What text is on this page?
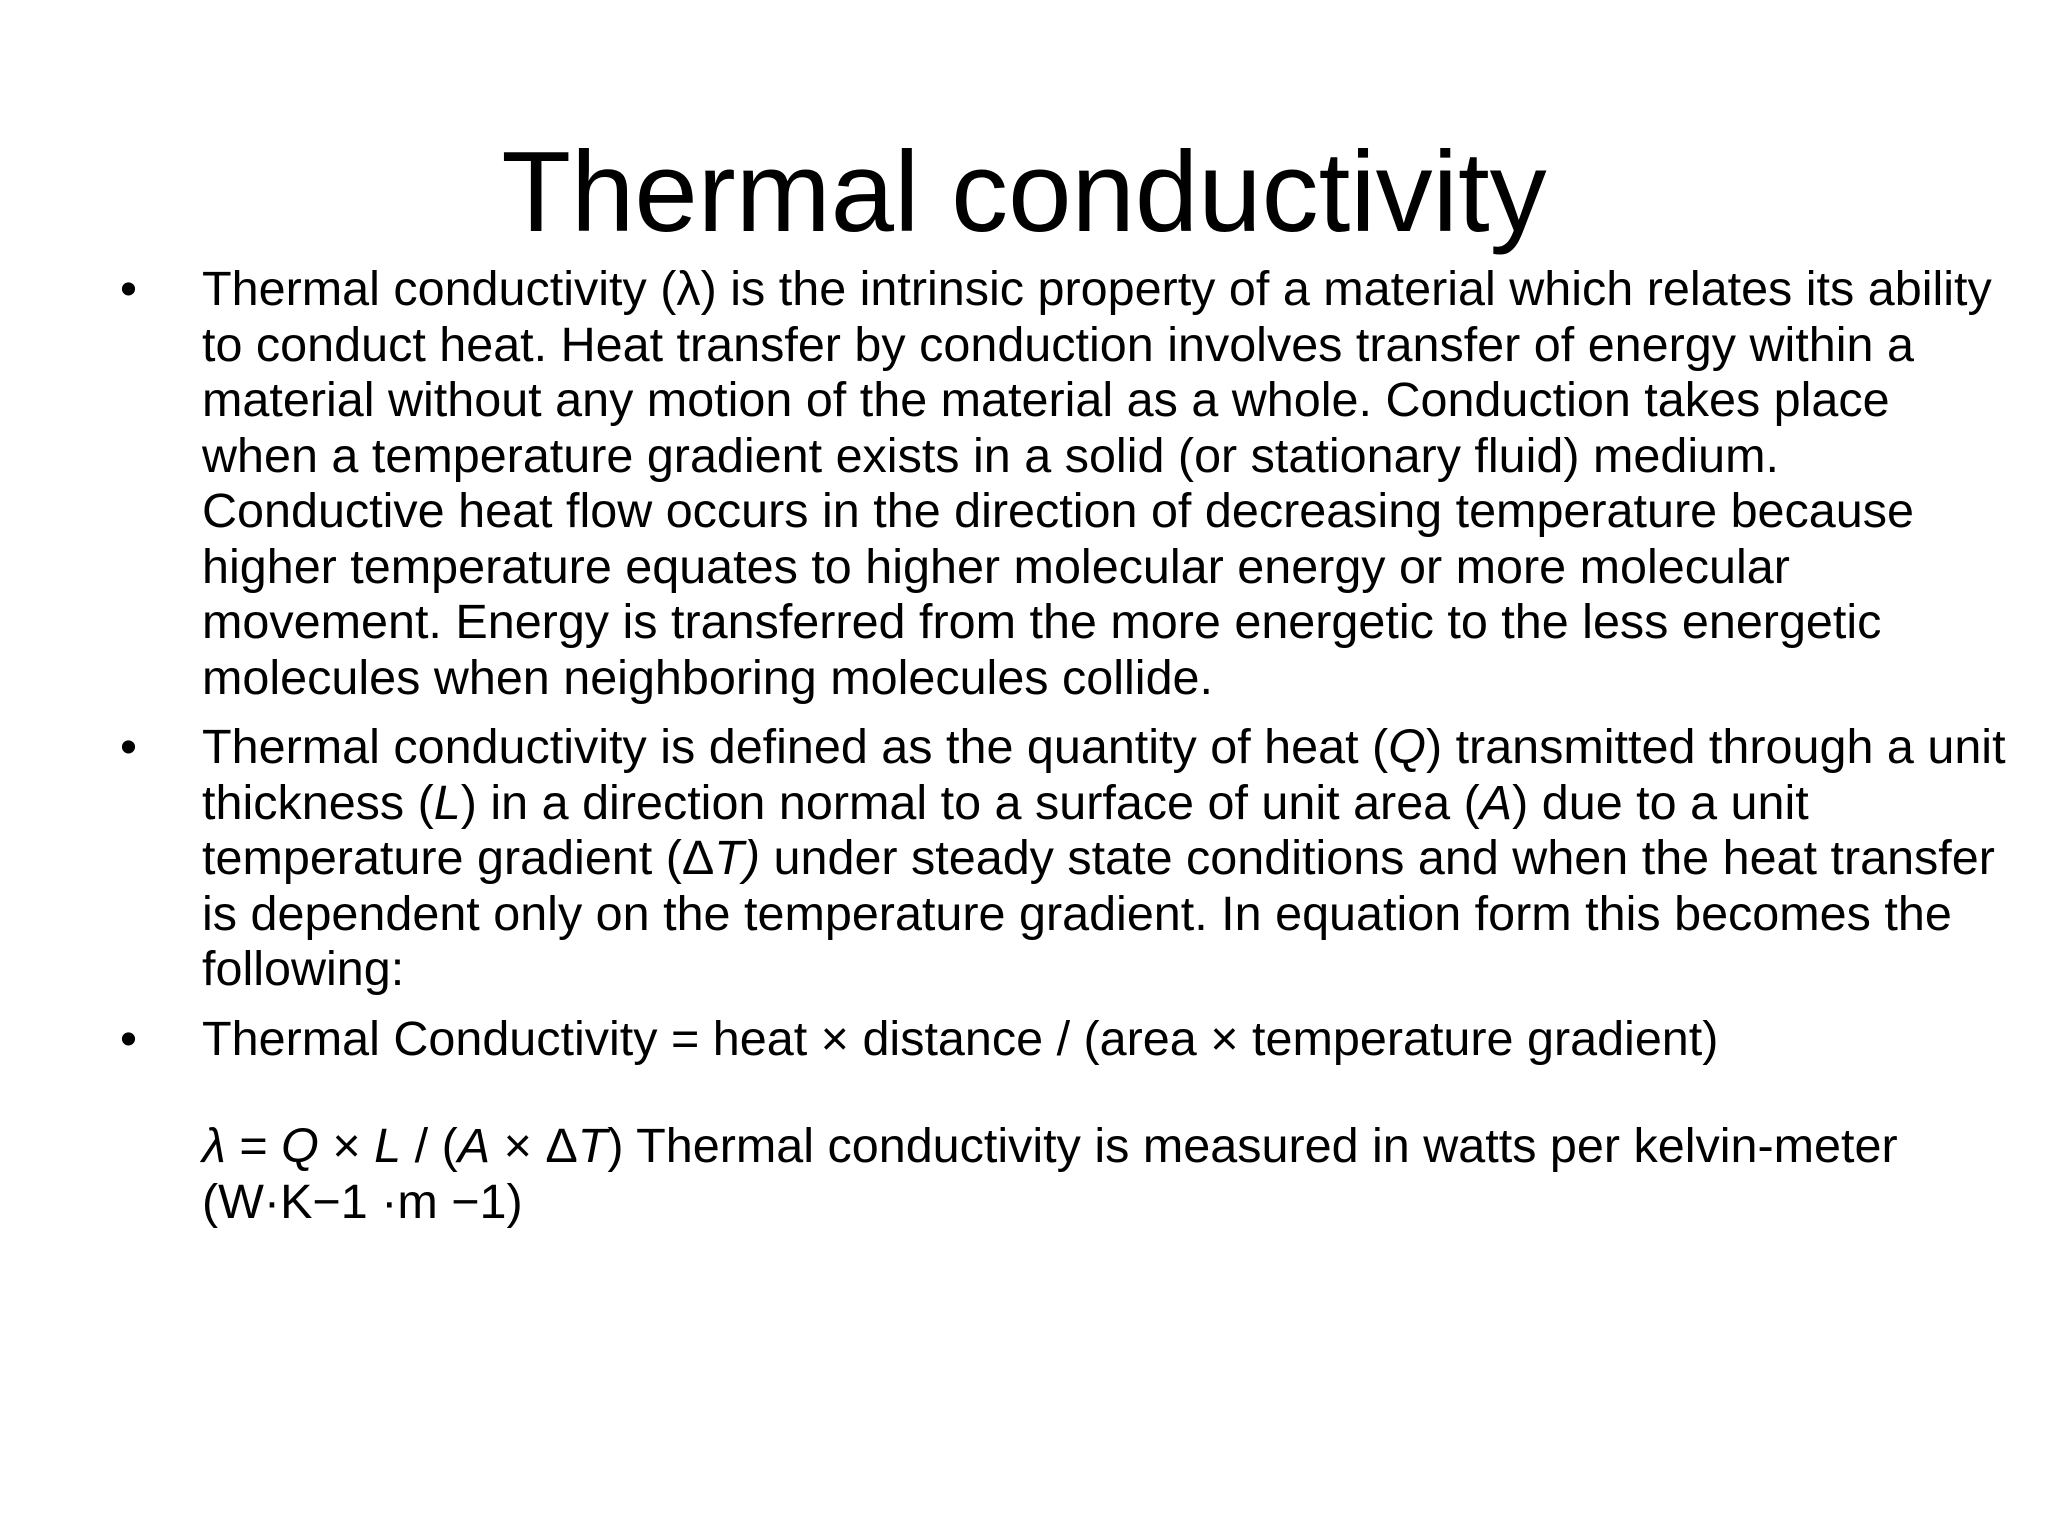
Thermal conductivity
•	Thermal conductivity (λ) is the intrinsic property of a material which relates its ability to conduct heat. Heat transfer by conduction involves transfer of energy within a material without any motion of the material as a whole. Conduction takes place when a temperature gradient exists in a solid (or stationary fluid) medium. Conductive heat flow occurs in the direction of decreasing temperature because higher temperature equates to higher molecular energy or more molecular movement. Energy is transferred from the more energetic to the less energetic molecules when neighboring molecules collide.
•	Thermal conductivity is defined as the quantity of heat (Q) transmitted through a unit thickness (L) in a direction normal to a surface of unit area (A) due to a unit temperature gradient (ΔT) under steady state conditions and when the heat transfer is dependent only on the temperature gradient. In equation form this becomes the following:
•	Thermal Conductivity = heat × distance / (area × temperature gradient)
λ = Q × L / (A × ΔT) Thermal conductivity is measured in watts per kelvin-meter (W·K−1 ·m −1)
